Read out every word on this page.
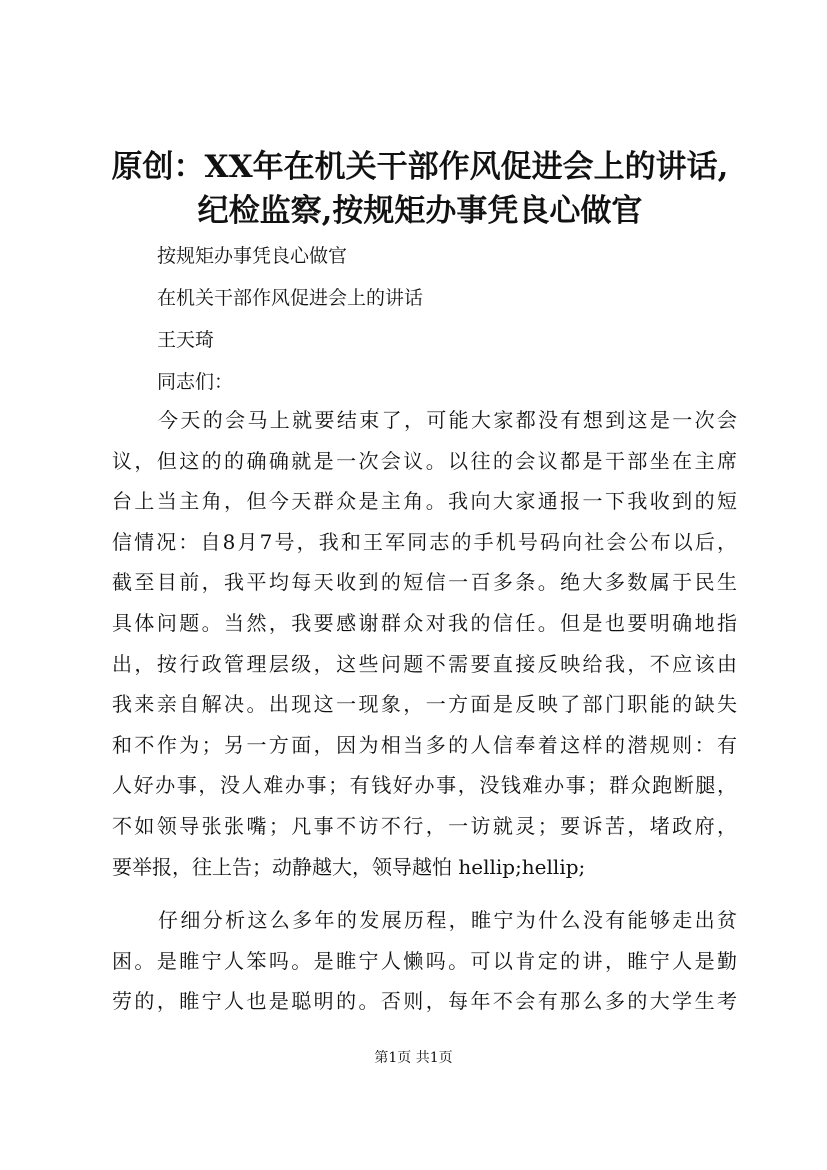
原创：XX年在机关干部作风促进会上的讲话,
纪检监察,按规矩办事凭良心做官
按规矩办事凭良心做官
在机关干部作风促进会上的讲话
王天琦
同志们：
今天的会马上就要结束了，可能大家都没有想到这是一次会
议，但这的的确确就是一次会议。以往的会议都是干部坐在主席
台上当主角，但今天群众是主角。我向大家通报一下我收到的短
信情况：自8月7号，我和王军同志的手机号码向社会公布以后，
截至目前，我平均每天收到的短信一百多条。绝大多数属于民生
具体问题。当然，我要感谢群众对我的信任。但是也要明确地指
出，按行政管理层级，这些问题不需要直接反映给我，不应该由
我来亲自解决。出现这一现象，一方面是反映了部门职能的缺失
和不作为；另一方面，因为相当多的人信奉着这样的潜规则：有
人好办事，没人难办事；有钱好办事，没钱难办事；群众跑断腿，
不如领导张张嘴；凡事不访不行，一访就灵；要诉苦，堵政府，
要举报，往上告；动静越大，领导越怕 hellip;hellip;
仔细分析这么多年的发展历程，睢宁为什么没有能够走出贫
困。是睢宁人笨吗。是睢宁人懒吗。可以肯定的讲，睢宁人是勤
劳的，睢宁人也是聪明的。否则，每年不会有那么多的大学生考
第1页 共1页
